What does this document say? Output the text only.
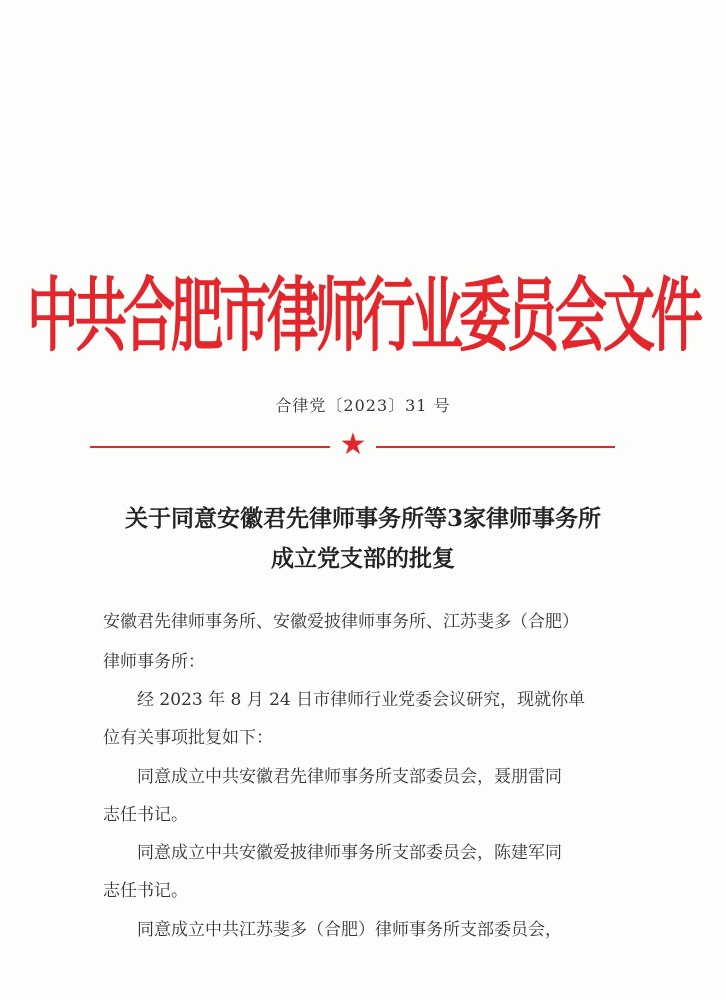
中共合肥市律师行业委员会文件
合律党〔2023〕31 号
★
关于同意安徽君先律师事务所等3家律师事务所
成立党支部的批复
安徽君先律师事务所、安徽爱披律师事务所、江苏斐多（合肥）
律师事务所：
经 2023 年 8 月 24 日市律师行业党委会议研究，现就你单
位有关事项批复如下：
同意成立中共安徽君先律师事务所支部委员会，聂朋雷同
志任书记。
同意成立中共安徽爱披律师事务所支部委员会，陈建军同
志任书记。
同意成立中共江苏斐多（合肥）律师事务所支部委员会，
